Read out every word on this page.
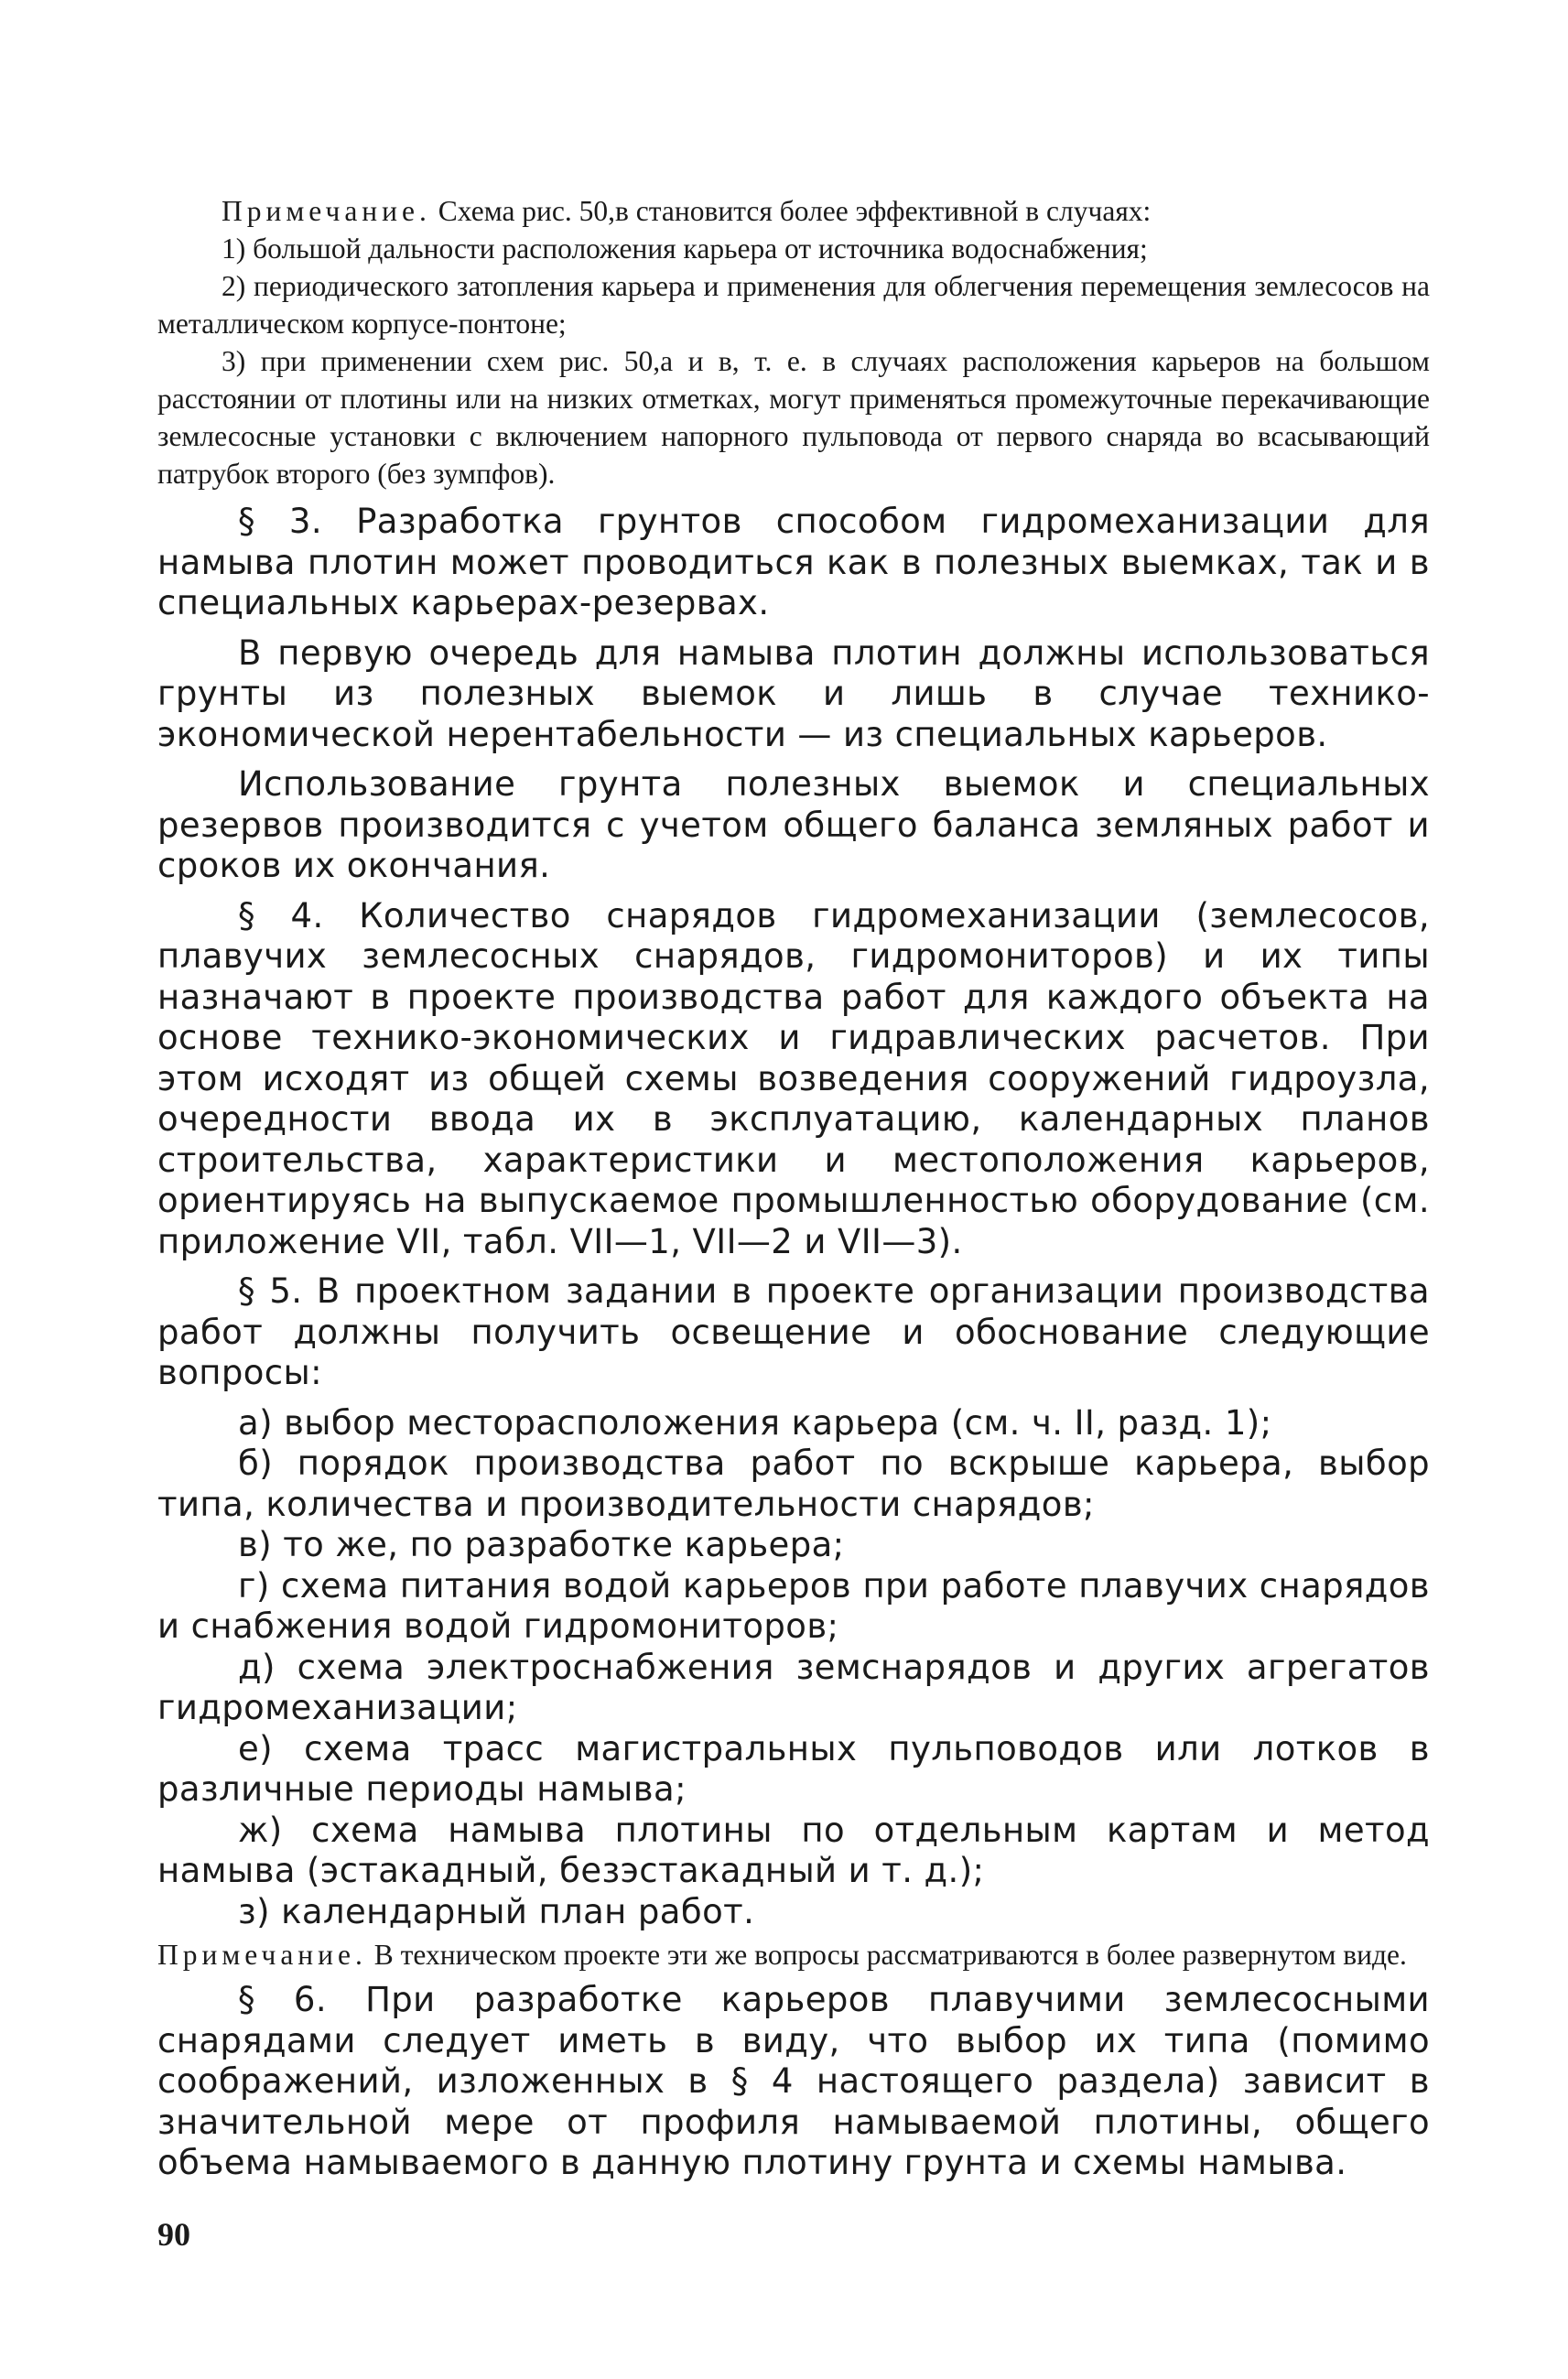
Примечание. Схема рис. 50,в становится более эффективной в случаях:

1) большой дальности расположения карьера от источника водоснабжения;

2) периодического затопления карьера и применения для облегчения перемещения землесосов на металлическом корпусе-понтоне;

3) при применении схем рис. 50,а и в, т. е. в случаях расположения карьеров на большом расстоянии от плотины или на низких отметках, могут применяться промежуточные перекачивающие землесосные установки с включением напорного пульповода от первого снаряда во всасывающий патрубок второго (без зумпфов).

§ 3. Разработка грунтов способом гидромеханизации для намыва плотин может проводиться как в полезных выемках, так и в специальных карьерах-резервах.

В первую очередь для намыва плотин должны использоваться грунты из полезных выемок и лишь в случае технико-экономической нерентабельности — из специальных карьеров.

Использование грунта полезных выемок и специальных резервов производится с учетом общего баланса земляных работ и сроков их окончания.

§ 4. Количество снарядов гидромеханизации (землесосов, плавучих землесосных снарядов, гидромониторов) и их типы назначают в проекте производства работ для каждого объекта на основе технико-экономических и гидравлических расчетов. При этом исходят из общей схемы возведения сооружений гидроузла, очередности ввода их в эксплуатацию, календарных планов строительства, характеристики и местоположения карьеров, ориентируясь на выпускаемое промышленностью оборудование (см. приложение VII, табл. VII—1, VII—2 и VII—3).

§ 5. В проектном задании в проекте организации производства работ должны получить освещение и обоснование следующие вопросы:

а) выбор месторасположения карьера (см. ч. II, разд. 1);

б) порядок производства работ по вскрыше карьера, выбор типа, количества и производительности снарядов;

в) то же, по разработке карьера;

г) схема питания водой карьеров при работе плавучих снарядов и снабжения водой гидромониторов;

д) схема электроснабжения земснарядов и других агрегатов гидромеханизации;

е) схема трасс магистральных пульповодов или лотков в различные периоды намыва;

ж) схема намыва плотины по отдельным картам и метод намыва (эстакадный, безэстакадный и т. д.);

з) календарный план работ.

Примечание. В техническом проекте эти же вопросы рассматриваются в более развернутом виде.

§ 6. При разработке карьеров плавучими землесосными снарядами следует иметь в виду, что выбор их типа (помимо соображений, изложенных в § 4 настоящего раздела) зависит в значительной мере от профиля намываемой плотины, общего объема намываемого в данную плотину грунта и схемы намыва.

90
